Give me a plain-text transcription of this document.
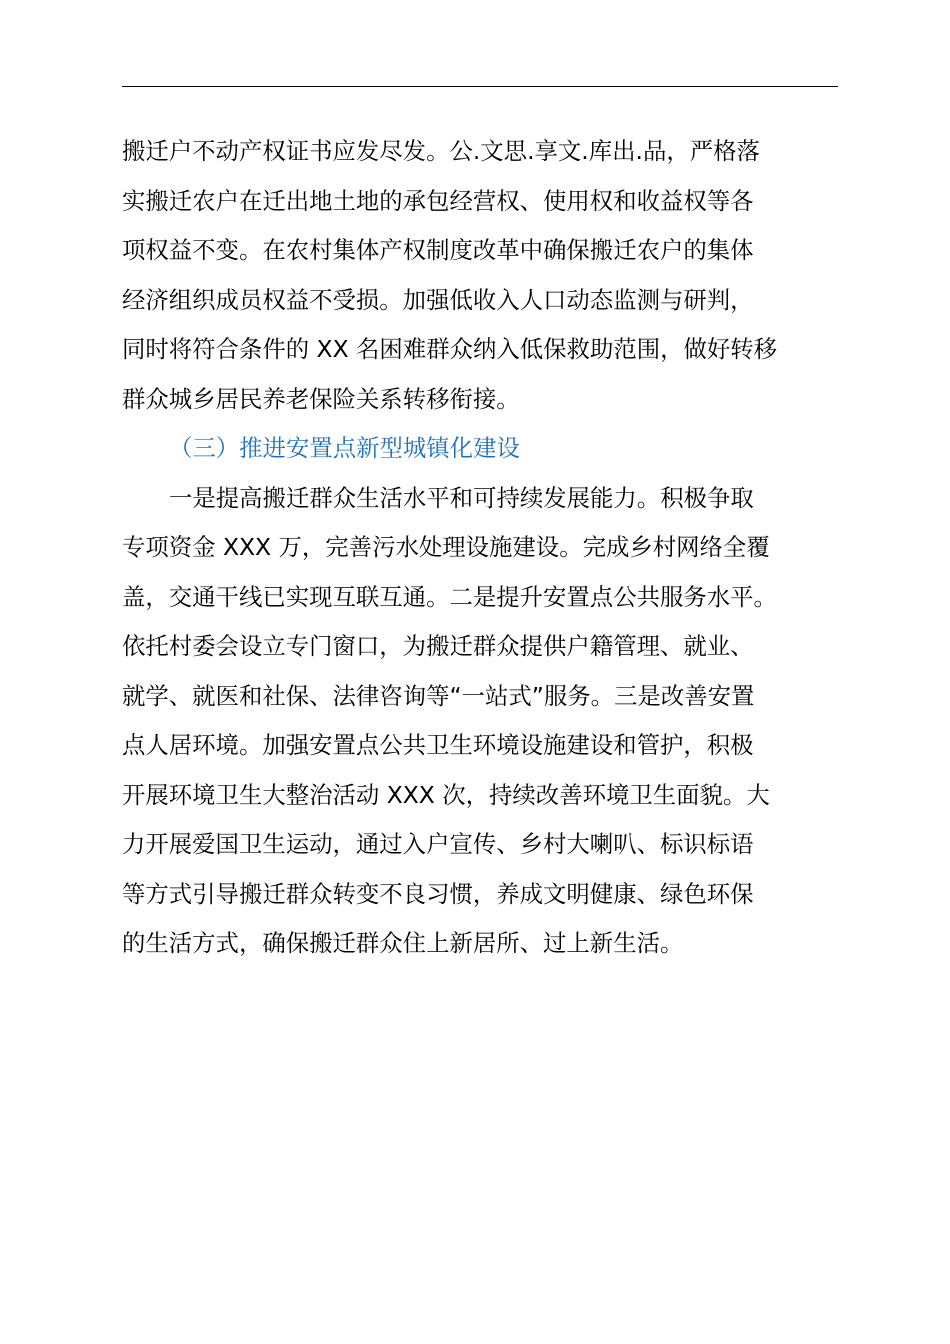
搬迁户不动产权证书应发尽发。公.文思.享文.库出.品，严格落
实搬迁农户在迁出地土地的承包经营权、使用权和收益权等各
项权益不变。在农村集体产权制度改革中确保搬迁农户的集体
经济组织成员权益不受损。加强低收入人口动态监测与研判，
同时将符合条件的 XX 名困难群众纳入低保救助范围，做好转移
群众城乡居民养老保险关系转移衔接。
（三）推进安置点新型城镇化建设
一是提高搬迁群众生活水平和可持续发展能力。积极争取
专项资金 XXX 万，完善污水处理设施建设。完成乡村网络全覆
盖，交通干线已实现互联互通。二是提升安置点公共服务水平。
依托村委会设立专门窗口，为搬迁群众提供户籍管理、就业、
就学、就医和社保、法律咨询等“一站式”服务。三是改善安置
点人居环境。加强安置点公共卫生环境设施建设和管护，积极
开展环境卫生大整治活动 XXX 次，持续改善环境卫生面貌。大
力开展爱国卫生运动，通过入户宣传、乡村大喇叭、标识标语
等方式引导搬迁群众转变不良习惯，养成文明健康、绿色环保
的生活方式，确保搬迁群众住上新居所、过上新生活。
